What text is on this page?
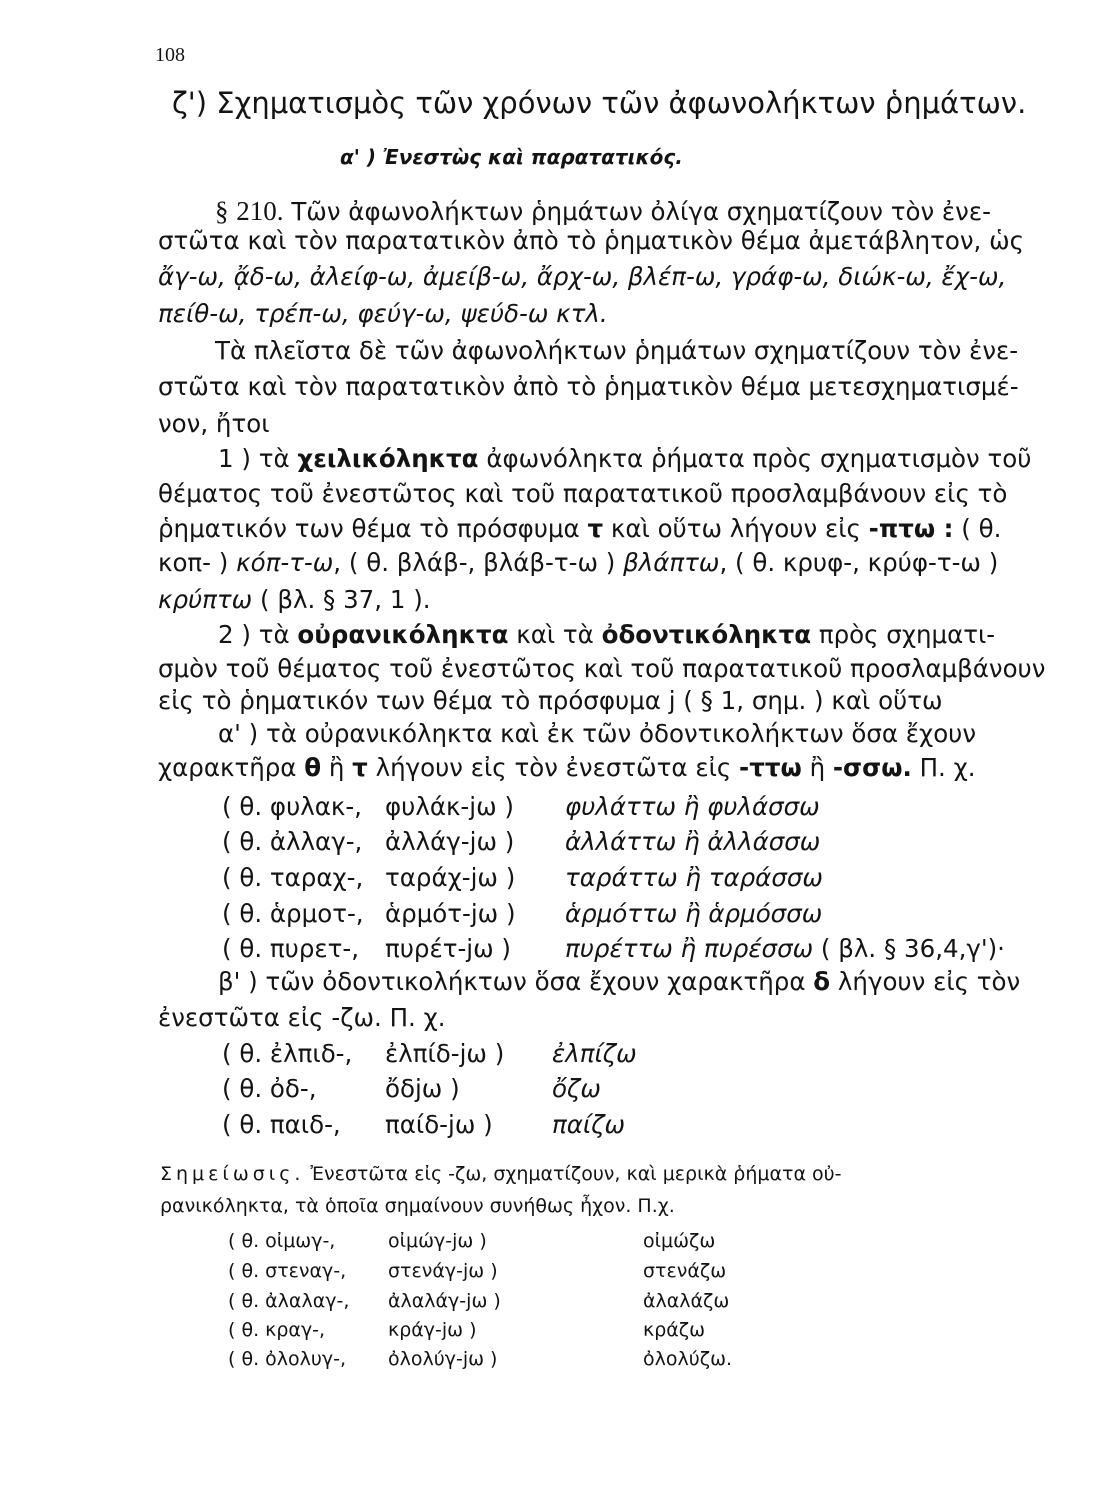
108
ζ') Σχηματισμὸς τῶν χρόνων τῶν ἀφωνολήκτων ῥημάτων.
α' ) Ἐνεστὼς καὶ παρατατικός.
§ 210. Τῶν ἀφωνολήκτων ῥημάτων ὀλίγα σχηματίζουν τὸν ἐνε-
στῶτα καὶ τὸν παρατατικὸν ἀπὸ τὸ ῥηματικὸν θέμα ἀμετάβλητον, ὡς
ἄγ-ω, ᾄδ-ω, ἀλείφ-ω, ἀμείβ-ω, ἄρχ-ω, βλέπ-ω, γράφ-ω, διώκ-ω, ἔχ-ω,
πείθ-ω, τρέπ-ω, φεύγ-ω, ψεύδ-ω κτλ.
Τὰ πλεῖστα δὲ τῶν ἀφωνολήκτων ῥημάτων σχηματίζουν τὸν ἐνε-
στῶτα καὶ τὸν παρατατικὸν ἀπὸ τὸ ῥηματικὸν θέμα μετεσχηματισμέ-
νον, ἤτοι
1 ) τὰ χειλικόληκτα ἀφωνόληκτα ῥήματα πρὸς σχηματισμὸν τοῦ
θέματος τοῦ ἐνεστῶτος καὶ τοῦ παρατατικοῦ προσλαμβάνουν εἰς τὸ
ῥηματικόν των θέμα τὸ πρόσφυμα τ καὶ οὕτω λήγουν εἰς -πτω : ( θ.
κοπ- ) κόπ-τ-ω, ( θ. βλάβ-, βλάβ-τ-ω ) βλάπτω, ( θ. κρυφ-, κρύφ-τ-ω )
κρύπτω ( βλ. § 37, 1 ).
2 ) τὰ οὐρανικόληκτα καὶ τὰ ὀδοντικόληκτα πρὸς σχηματι-
σμὸν τοῦ θέματος τοῦ ἐνεστῶτος καὶ τοῦ παρατατικοῦ προσλαμβάνουν
εἰς τὸ ῥηματικόν των θέμα τὸ πρόσφυμα j ( § 1, σημ. ) καὶ οὕτω
α' ) τὰ οὐρανικόληκτα καὶ ἐκ τῶν ὀδοντικολήκτων ὅσα ἔχουν
χαρακτῆρα θ ἢ τ λήγουν εἰς τὸν ἐνεστῶτα εἰς -ττω ἢ -σσω. Π. χ.
( θ. φυλακ-, φυλάκ-jω ) φυλάττω ἢ φυλάσσω
( θ. ἀλλαγ-, ἀλλάγ-jω ) ἀλλάττω ἢ ἀλλάσσω
( θ. ταραχ-, ταράχ-jω ) ταράττω ἢ ταράσσω
( θ. ἁρμοτ-, ἁρμότ-jω ) ἁρμόττω ἢ ἁρμόσσω
( θ. πυρετ-, πυρέτ-jω ) πυρέττω ἢ πυρέσσω ( βλ. § 36,4,γ')·
β' ) τῶν ὀδοντικολήκτων ὅσα ἔχουν χαρακτῆρα δ λήγουν εἰς τὸν
ἐνεστῶτα εἰς -ζω. Π. χ.
( θ. ἐλπιδ-, ἐλπίδ-jω ) ἐλπίζω
( θ. ὀδ-,	ὄδjω )	ὄζω
( θ. παιδ-, παίδ-jω ) παίζω
Σημείωσις. Ἐνεστῶτα εἰς -ζω, σχηματίζουν, καὶ μερικὰ ῥήματα οὐ-
ρανικόληκτα, τὰ ὁποῖα σημαίνουν συνήθως ἦχον. Π.χ.
( θ. οἰμωγ-,	οἰμώγ-jω )	οἰμώζω
( θ. στεναγ-, στενάγ-jω )	στενάζω
( θ. ἀλαλαγ-, ἀλαλάγ-jω )	ἀλαλάζω
( θ. κραγ-,	κράγ-jω )	κράζω
( θ. ὀλολυγ-, ὀλολύγ-jω )	ὀλολύζω.
